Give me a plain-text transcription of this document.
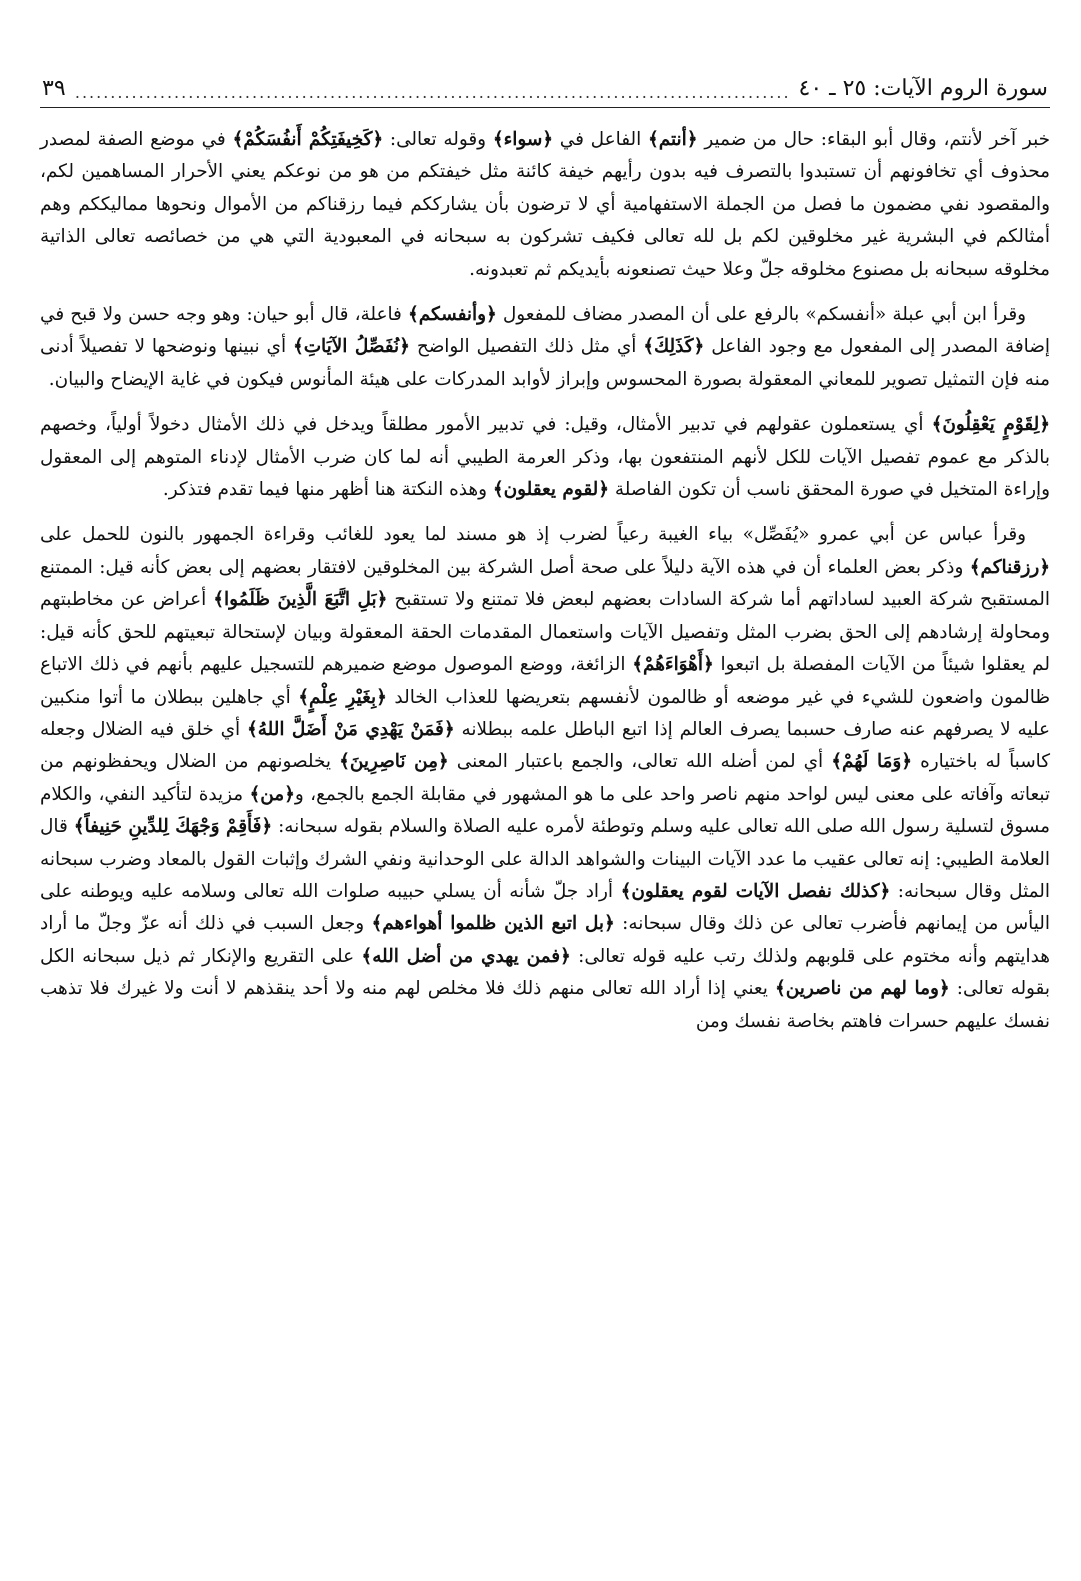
سورة الروم الآيات: ٢٥ ـ ٤٠
.....
٣٩

خبر آخر لأنتم، وقال أبو البقاء: حال من ضمير ﴿أنتم﴾ الفاعل في ﴿سواء﴾ وقوله تعالى: ﴿كَخِيفَتِكُمْ أَنفُسَكُمْ﴾ في موضع الصفة لمصدر محذوف أي تخافونهم أن تستبدوا بالتصرف فيه بدون رأيهم خيفة كائنة مثل خيفتكم من هو من نوعكم يعني الأحرار المساهمين لكم، والمقصود نفي مضمون ما فصل من الجملة الاستفهامية أي لا ترضون بأن يشارككم فيما رزقناكم من الأموال ونحوها مماليككم وهم أمثالكم في البشرية غير مخلوقين لكم بل لله تعالى فكيف تشركون به سبحانه في المعبودية التي هي من خصائصه تعالى الذاتية مخلوقه سبحانه بل مصنوع مخلوقه جلّ وعلا حيث تصنعونه بأيديكم ثم تعبدونه.

وقرأ ابن أبي عبلة «أنفسكم» بالرفع على أن المصدر مضاف للمفعول ﴿وأنفسكم﴾ فاعلة، قال أبو حيان: وهو وجه حسن ولا قبح في إضافة المصدر إلى المفعول مع وجود الفاعل ﴿كَذَلِكَ﴾ أي مثل ذلك التفصيل الواضح ﴿نُفَصِّلُ الآيَاتِ﴾ أي نبينها ونوضحها لا تفصيلاً أدنى منه فإن التمثيل تصوير للمعاني المعقولة بصورة المحسوس وإبراز لأوابد المدركات على هيئة المأنوس فيكون في غاية الإيضاح والبيان.

﴿لِقَوْمٍ يَعْقِلُونَ﴾ أي يستعملون عقولهم في تدبير الأمثال، وقيل: في تدبير الأمور مطلقاً ويدخل في ذلك الأمثال دخولاً أولياً، وخصهم بالذكر مع عموم تفصيل الآيات للكل لأنهم المنتفعون بها، وذكر العرمة الطيبي أنه لما كان ضرب الأمثال لإدناء المتوهم إلى المعقول وإراءة المتخيل في صورة المحقق ناسب أن تكون الفاصلة ﴿لقوم يعقلون﴾ وهذه النكتة هنا أظهر منها فيما تقدم فتذكر.

وقرأ عباس عن أبي عمرو «يُفَصِّل» بياء الغيبة رعياً لضرب إذ هو مسند لما يعود للغائب وقراءة الجمهور بالنون للحمل على ﴿رزقناكم﴾ وذكر بعض العلماء أن في هذه الآية دليلاً على صحة أصل الشركة بين المخلوقين لافتقار بعضهم إلى بعض كأنه قيل: الممتنع المستقبح شركة العبيد لساداتهم أما شركة السادات بعضهم لبعض فلا تمتنع ولا تستقبح ﴿بَلِ اتَّبَعَ الَّذِينَ ظَلَمُوا﴾ أعراض عن مخاطبتهم ومحاولة إرشادهم إلى الحق بضرب المثل وتفصيل الآيات واستعمال المقدمات الحقة المعقولة وبيان لإستحالة تبعيتهم للحق كأنه قيل: لم يعقلوا شيئاً من الآيات المفصلة بل اتبعوا ﴿أَهْوَاءَهُمْ﴾ الزائغة، ووضع الموصول موضع ضميرهم للتسجيل عليهم بأنهم في ذلك الاتباع ظالمون واضعون للشيء في غير موضعه أو ظالمون لأنفسهم بتعريضها للعذاب الخالد ﴿بِغَيْرِ عِلْمٍ﴾ أي جاهلين ببطلان ما أتوا منكبين عليه لا يصرفهم عنه صارف حسبما يصرف العالم إذا اتبع الباطل علمه ببطلانه ﴿فَمَنْ يَهْدِي مَنْ أَضَلَّ اللهُ﴾ أي خلق فيه الضلال وجعله كاسباً له باختياره ﴿وَمَا لَهُمْ﴾ أي لمن أضله الله تعالى، والجمع باعتبار المعنى ﴿مِن نَاصِرِينَ﴾ يخلصونهم من الضلال ويحفظونهم من تبعاته وآفاته على معنى ليس لواحد منهم ناصر واحد على ما هو المشهور في مقابلة الجمع بالجمع، و﴿من﴾ مزيدة لتأكيد النفي، والكلام مسوق لتسلية رسول الله صلى الله تعالى عليه وسلم وتوطئة لأمره عليه الصلاة والسلام بقوله سبحانه: ﴿فَأَقِمْ وَجْهَكَ لِلدِّينِ حَنِيفاً﴾ قال العلامة الطيبي: إنه تعالى عقيب ما عدد الآيات البينات والشواهد الدالة على الوحدانية ونفي الشرك وإثبات القول بالمعاد وضرب سبحانه المثل وقال سبحانه: ﴿كذلك نفصل الآيات لقوم يعقلون﴾ أراد جلّ شأنه أن يسلي حبيبه صلوات الله تعالى وسلامه عليه ويوطنه على اليأس من إيمانهم فأضرب تعالى عن ذلك وقال سبحانه: ﴿بل اتبع الذين ظلموا أهواءهم﴾ وجعل السبب في ذلك أنه عزّ وجلّ ما أراد هدايتهم وأنه مختوم على قلوبهم ولذلك رتب عليه قوله تعالى: ﴿فمن يهدي من أضل الله﴾ على التقريع والإنكار ثم ذيل سبحانه الكل بقوله تعالى: ﴿وما لهم من ناصرين﴾ يعني إذا أراد الله تعالى منهم ذلك فلا مخلص لهم منه ولا أحد ينقذهم لا أنت ولا غيرك فلا تذهب نفسك عليهم حسرات فاهتم بخاصة نفسك ومن
